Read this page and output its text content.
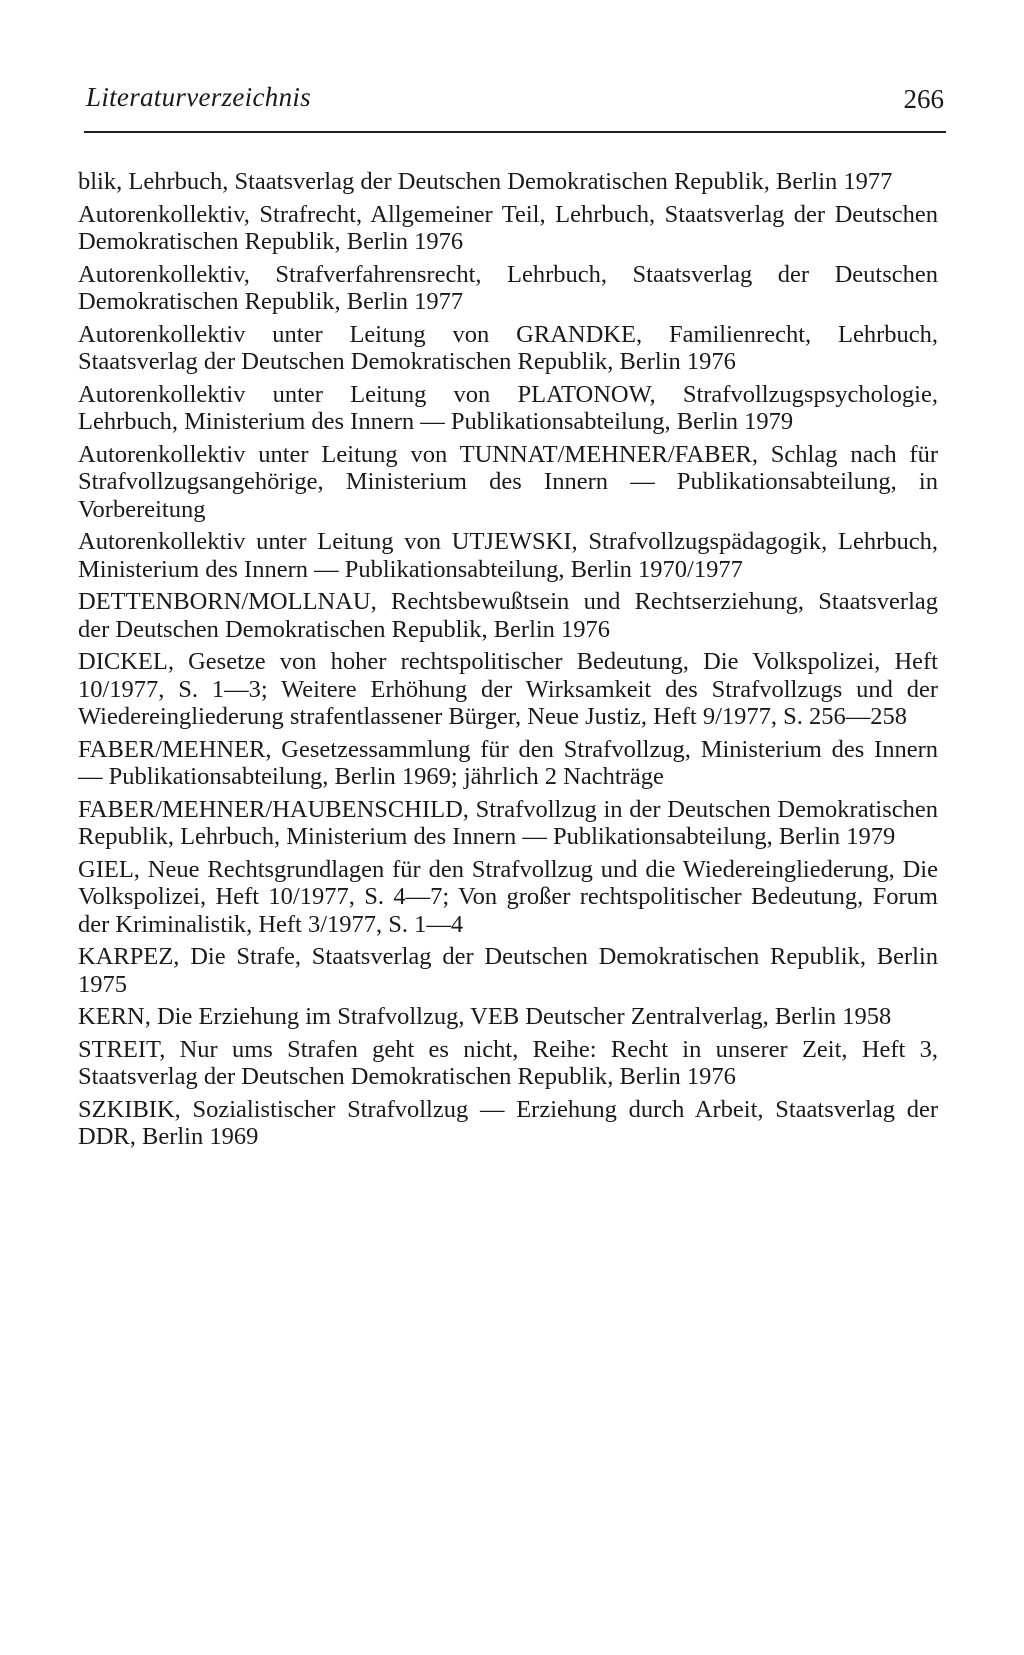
Literaturverzeichnis	266

blik, Lehrbuch, Staatsverlag der Deutschen Demokratischen Republik, Berlin 1977

Autorenkollektiv, Strafrecht, Allgemeiner Teil, Lehrbuch, Staatsverlag der Deutschen Demokratischen Republik, Berlin 1976

Autorenkollektiv, Strafverfahrensrecht, Lehrbuch, Staatsverlag der Deutschen Demokratischen Republik, Berlin 1977

Autorenkollektiv unter Leitung von GRANDKE, Familienrecht, Lehrbuch, Staatsverlag der Deutschen Demokratischen Republik, Berlin 1976

Autorenkollektiv unter Leitung von PLATONOW, Strafvollzugspsychologie, Lehrbuch, Ministerium des Innern — Publikationsabteilung, Berlin 1979

Autorenkollektiv unter Leitung von TUNNAT/MEHNER/FABER, Schlag nach für Strafvollzugsangehörige, Ministerium des Innern — Publikationsabteilung, in Vorbereitung

Autorenkollektiv unter Leitung von UTJEWSKI, Strafvollzugspädagogik, Lehrbuch, Ministerium des Innern — Publikationsabteilung, Berlin 1970/1977

DETTENBORN/MOLLNAU, Rechtsbewußtsein und Rechtserziehung, Staatsverlag der Deutschen Demokratischen Republik, Berlin 1976

DICKEL, Gesetze von hoher rechtspolitischer Bedeutung, Die Volkspolizei, Heft 10/1977, S. 1—3; Weitere Erhöhung der Wirksamkeit des Strafvollzugs und der Wiedereingliederung strafentlassener Bürger, Neue Justiz, Heft 9/1977, S. 256—258

FABER/MEHNER, Gesetzessammlung für den Strafvollzug, Ministerium des Innern — Publikationsabteilung, Berlin 1969; jährlich 2 Nachträge

FABER/MEHNER/HAUBENSCHILD, Strafvollzug in der Deutschen Demokratischen Republik, Lehrbuch, Ministerium des Innern — Publikationsabteilung, Berlin 1979

GIEL, Neue Rechtsgrundlagen für den Strafvollzug und die Wiedereingliederung, Die Volkspolizei, Heft 10/1977, S. 4—7; Von großer rechtspolitischer Bedeutung, Forum der Kriminalistik, Heft 3/1977, S. 1—4

KARPEZ, Die Strafe, Staatsverlag der Deutschen Demokratischen Republik, Berlin 1975

KERN, Die Erziehung im Strafvollzug, VEB Deutscher Zentralverlag, Berlin 1958

STREIT, Nur ums Strafen geht es nicht, Reihe: Recht in unserer Zeit, Heft 3, Staatsverlag der Deutschen Demokratischen Republik, Berlin 1976

SZKIBIK, Sozialistischer Strafvollzug — Erziehung durch Arbeit, Staatsverlag der DDR, Berlin 1969
